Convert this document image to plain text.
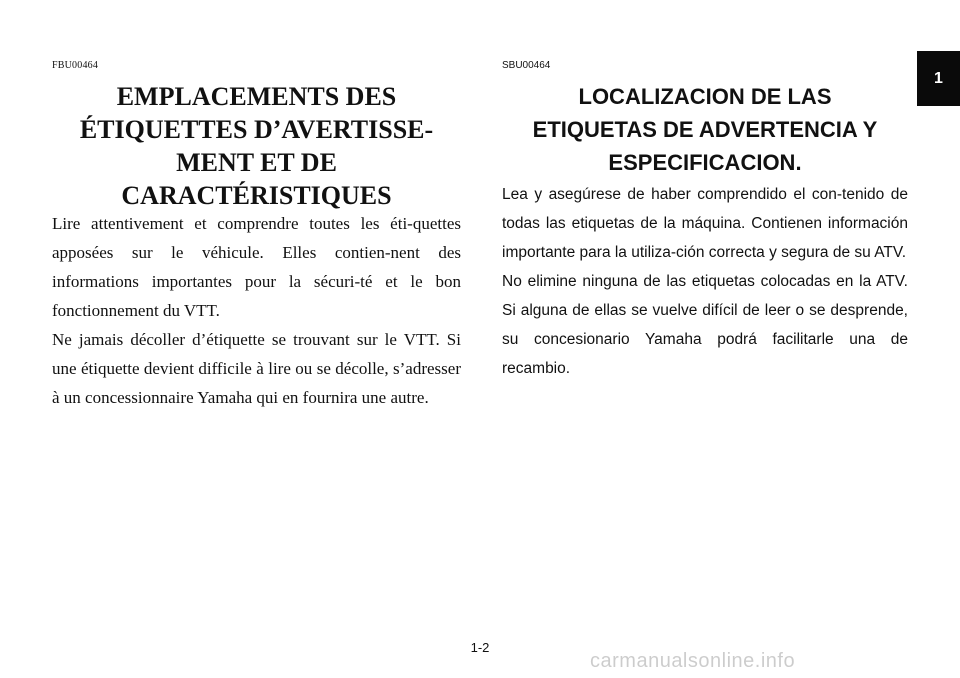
FBU00464
EMPLACEMENTS DES
ÉTIQUETTES D’AVERTISSE-
MENT ET DE
CARACTÉRISTIQUES

Lire attentivement et comprendre toutes les éti-quettes apposées sur le véhicule. Elles contien-nent des informations importantes pour la sécuri-té et le bon fonctionnement du VTT.

Ne jamais décoller d’étiquette se trouvant sur le VTT. Si une étiquette devient difficile à lire ou se décolle, s’adresser à un concessionnaire Yamaha qui en fournira une autre.

SBU00464
LOCALIZACION DE LAS
ETIQUETAS DE ADVERTENCIA Y
ESPECIFICACION.

Lea y asegúrese de haber comprendido el con-tenido de todas las etiquetas de la máquina. Contienen información importante para la utiliza-ción correcta y segura de su ATV.

No elimine ninguna de las etiquetas colocadas en la ATV. Si alguna de ellas se vuelve difícil de leer o se desprende, su concesionario Yamaha podrá facilitarle una de recambio.

1
1-2
carmanualsonline.info
